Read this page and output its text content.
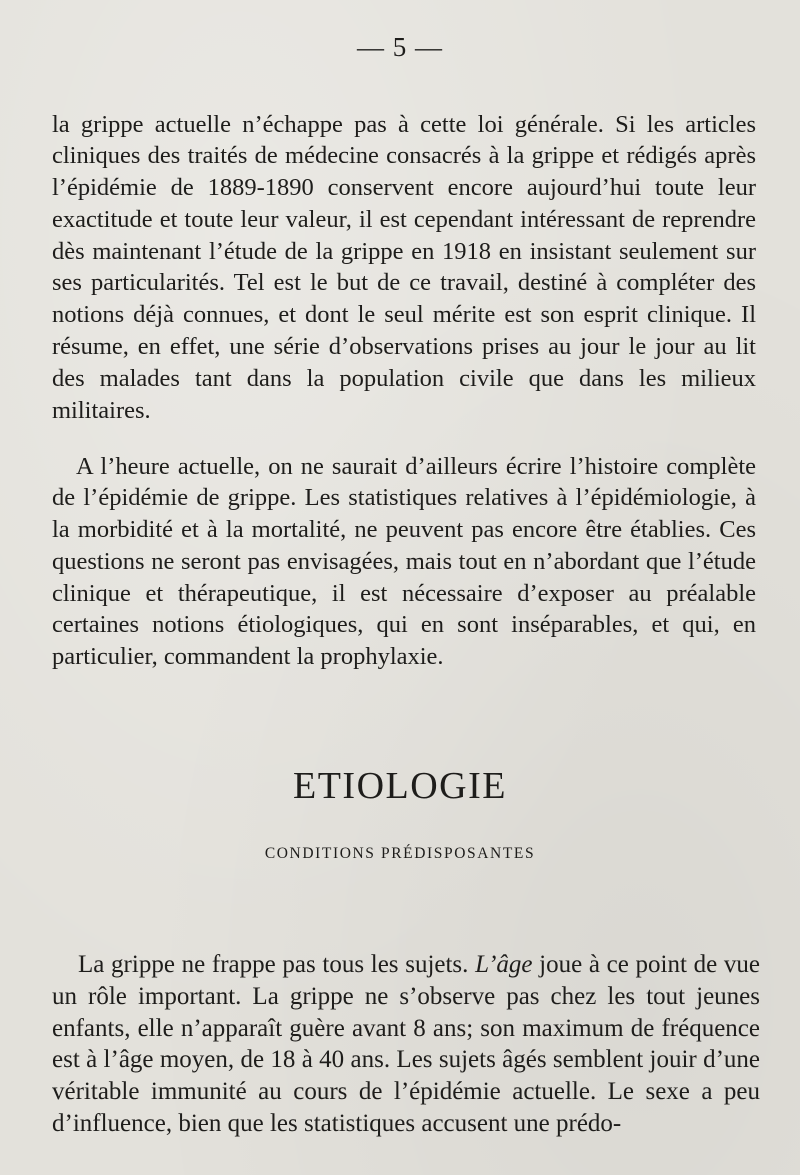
— 5 —

la grippe actuelle n’échappe pas à cette loi générale. Si les articles cliniques des traités de médecine consacrés à la grippe et rédigés après l’épidémie de 1889-1890 conservent encore aujourd’hui toute leur exactitude et toute leur valeur, il est cependant intéressant de reprendre dès maintenant l’étude de la grippe en 1918 en insistant seulement sur ses particularités. Tel est le but de ce travail, destiné à compléter des notions déjà connues, et dont le seul mérite est son esprit clinique. Il résume, en effet, une série d’observations prises au jour le jour au lit des malades tant dans la population civile que dans les milieux militaires.

A l’heure actuelle, on ne saurait d’ailleurs écrire l’histoire complète de l’épidémie de grippe. Les statistiques relatives à l’épidémiologie, à la morbidité et à la mortalité, ne peuvent pas encore être établies. Ces questions ne seront pas envisagées, mais tout en n’abordant que l’étude clinique et thérapeutique, il est nécessaire d’exposer au préalable certaines notions étiologiques, qui en sont inséparables, et qui, en particulier, commandent la prophylaxie.

ETIOLOGIE
CONDITIONS PRÉDISPOSANTES

La grippe ne frappe pas tous les sujets. L’âge joue à ce point de vue un rôle important. La grippe ne s’observe pas chez les tout jeunes enfants, elle n’apparaît guère avant 8 ans; son maximum de fréquence est à l’âge moyen, de 18 à 40 ans. Les sujets âgés semblent jouir d’une véritable immunité au cours de l’épidémie actuelle. Le sexe a peu d’influence, bien que les statistiques accusent une prédo-
